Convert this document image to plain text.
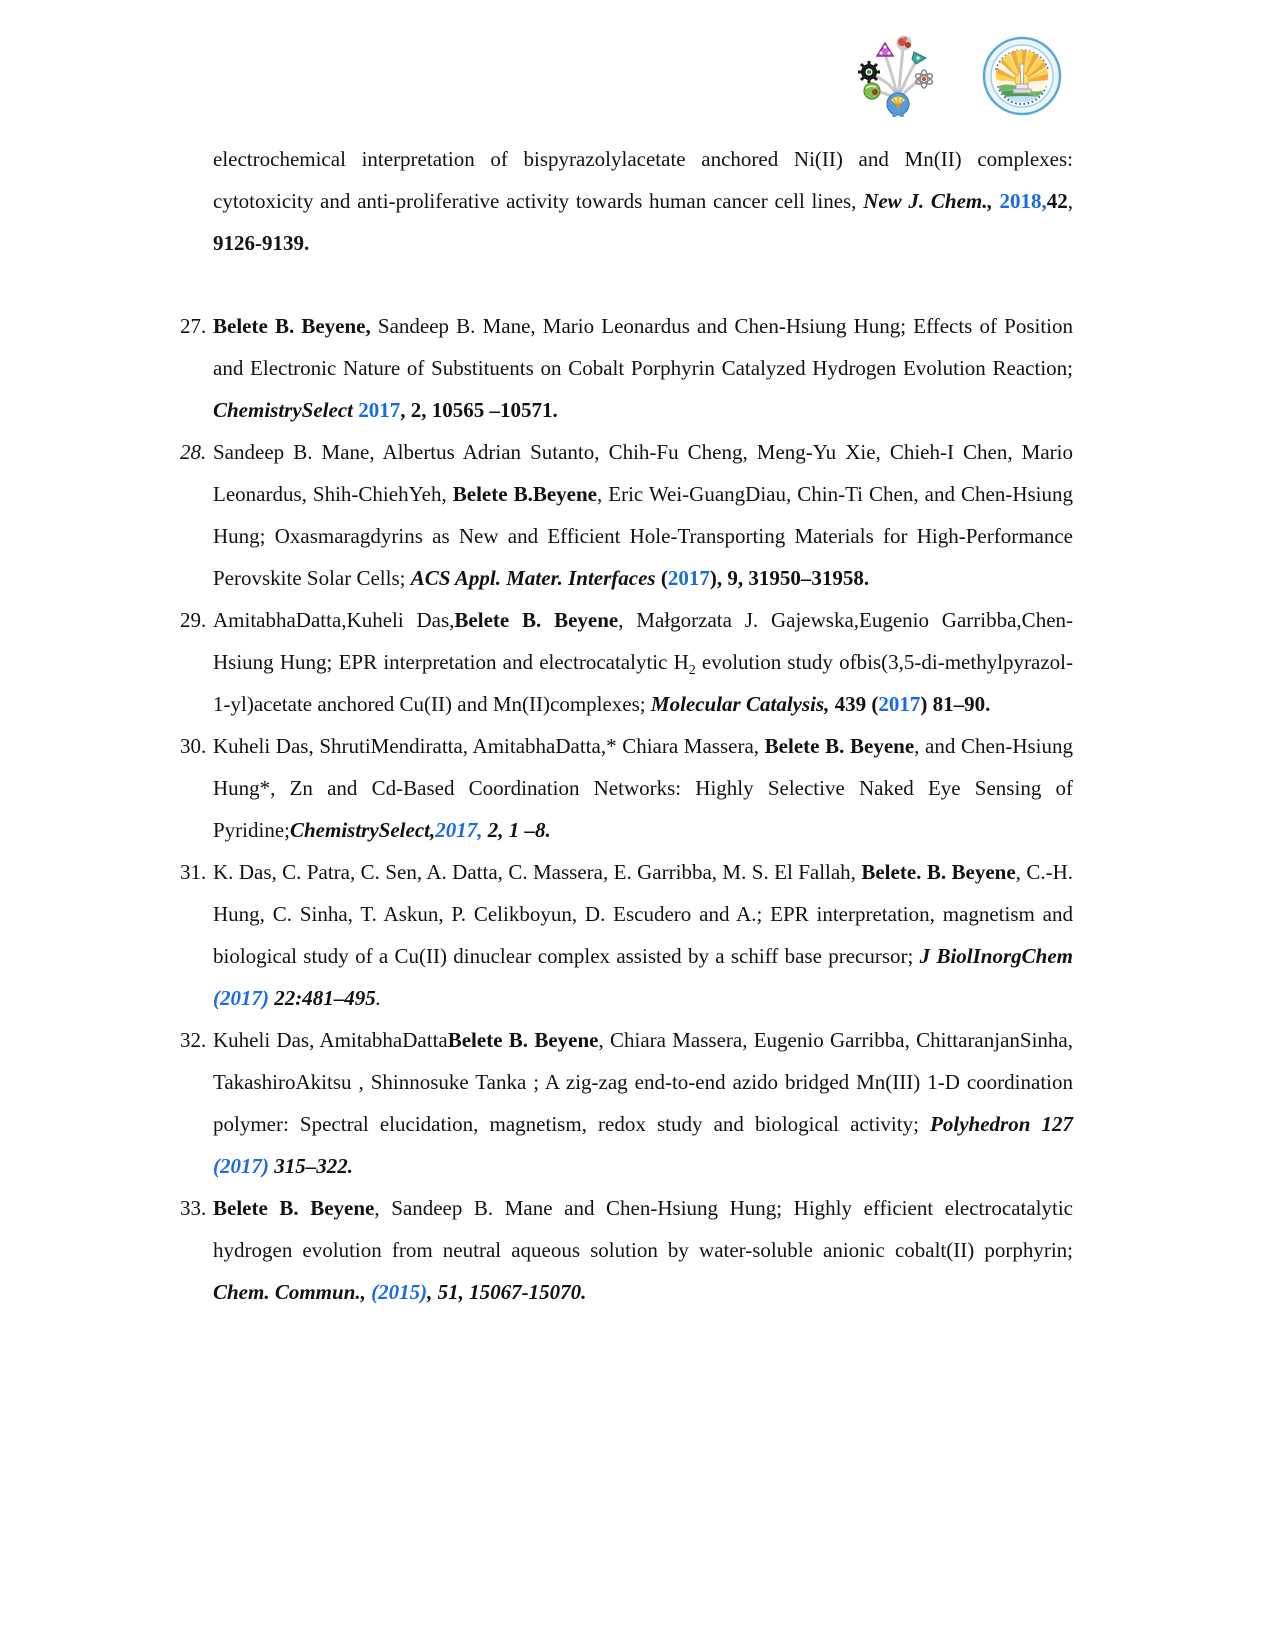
electrochemical interpretation of bispyrazolylacetate anchored Ni(II) and Mn(II) complexes: cytotoxicity and anti-proliferative activity towards human cancer cell lines, New J. Chem., 2018,42, 9126-9139.

27. Belete B. Beyene, Sandeep B. Mane, Mario Leonardus and Chen-Hsiung Hung; Effects of Position and Electronic Nature of Substituents on Cobalt Porphyrin Catalyzed Hydrogen Evolution Reaction; ChemistrySelect 2017, 2, 10565 –10571.
28. Sandeep B. Mane, Albertus Adrian Sutanto, Chih-Fu Cheng, Meng-Yu Xie, Chieh-I Chen, Mario Leonardus, Shih-ChiehYeh, Belete B.Beyene, Eric Wei-GuangDiau, Chin-Ti Chen, and Chen-Hsiung Hung; Oxasmaragdyrins as New and Efficient Hole-Transporting Materials for High-Performance Perovskite Solar Cells; ACS Appl. Mater. Interfaces (2017), 9, 31950–31958.
29. AmitabhaDatta,Kuheli Das,Belete B. Beyene, Małgorzata J. Gajewska,Eugenio Garribba,Chen-Hsiung Hung; EPR interpretation and electrocatalytic $H_2$ evolution study ofbis(3,5-di-methylpyrazol-1-yl)acetate anchored Cu(II) and Mn(II)complexes; Molecular Catalysis, 439 (2017) 81–90.
30. Kuheli Das, ShrutiMendiratta, AmitabhaDatta,* Chiara Massera, Belete B. Beyene, and Chen-Hsiung Hung*, Zn and Cd-Based Coordination Networks: Highly Selective Naked Eye Sensing of Pyridine;ChemistrySelect,2017, 2, 1 –8.
31. K. Das, C. Patra, C. Sen, A. Datta, C. Massera, E. Garribba, M. S. El Fallah, Belete. B. Beyene, C.-H. Hung, C. Sinha, T. Askun, P. Celikboyun, D. Escudero and A.; EPR interpretation, magnetism and biological study of a Cu(II) dinuclear complex assisted by a schiff base precursor; J BiolInorgChem (2017) 22:481–495.
32. Kuheli Das, AmitabhaDattaBelete B. Beyene, Chiara Massera, Eugenio Garribba, ChittaranjanSinha, TakashiroAkitsu , Shinnosuke Tanka ; A zig-zag end-to-end azido bridged Mn(III) 1-D coordination polymer: Spectral elucidation, magnetism, redox study and biological activity; Polyhedron 127 (2017) 315–322.
33. Belete B. Beyene, Sandeep B. Mane and Chen-Hsiung Hung; Highly efficient electrocatalytic hydrogen evolution from neutral aqueous solution by water-soluble anionic cobalt(II) porphyrin; Chem. Commun., (2015), 51, 15067-15070.
